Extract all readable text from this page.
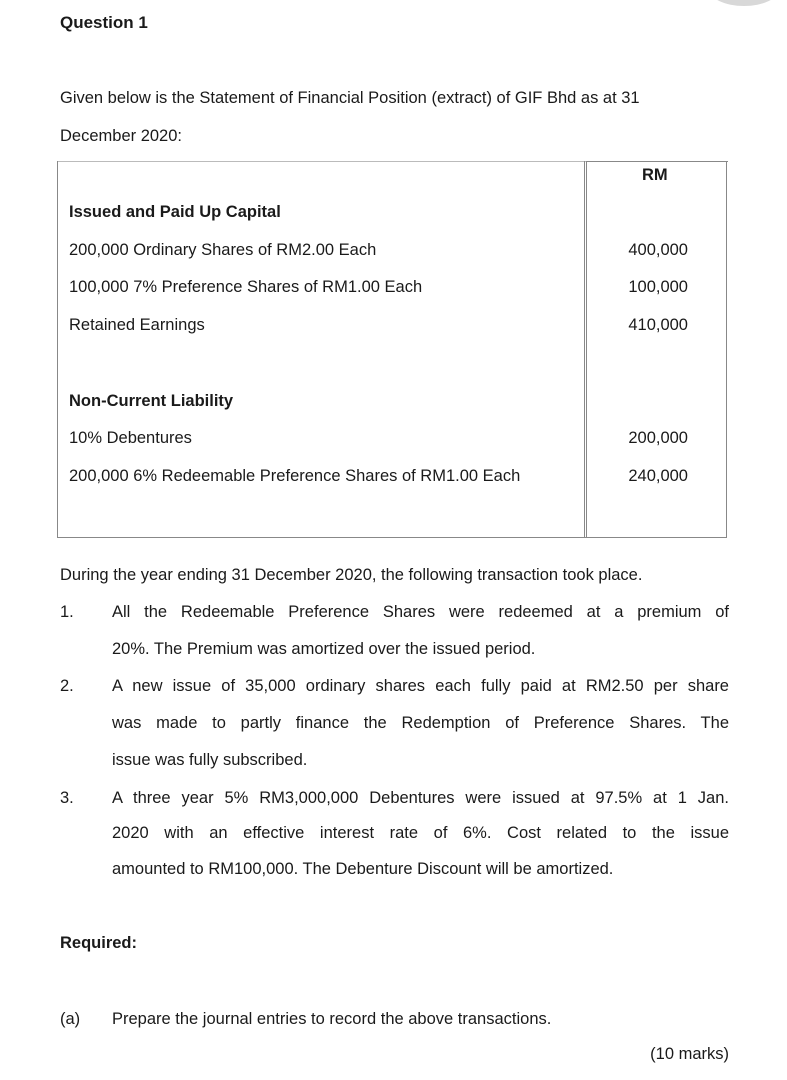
Question 1
Given below is the Statement of Financial Position (extract) of GIF Bhd as at 31
December 2020:
RM
Issued and Paid Up Capital
200,000 Ordinary Shares of RM2.00 Each	400,000
100,000 7% Preference Shares of RM1.00 Each	100,000
Retained Earnings	410,000
Non-Current Liability
10% Debentures	200,000
200,000 6% Redeemable Preference Shares of RM1.00 Each	240,000
During the year ending 31 December 2020, the following transaction took place.
1. All the Redeemable Preference Shares were redeemed at a premium of
20%. The Premium was amortized over the issued period.
2. A new issue of 35,000 ordinary shares each fully paid at RM2.50 per share
was made to partly finance the Redemption of Preference Shares. The
issue was fully subscribed.
3. A three year 5% RM3,000,000 Debentures were issued at 97.5% at 1 Jan.
2020 with an effective interest rate of 6%. Cost related to the issue
amounted to RM100,000. The Debenture Discount will be amortized.
Required:
(a) Prepare the journal entries to record the above transactions.
(10 marks)
